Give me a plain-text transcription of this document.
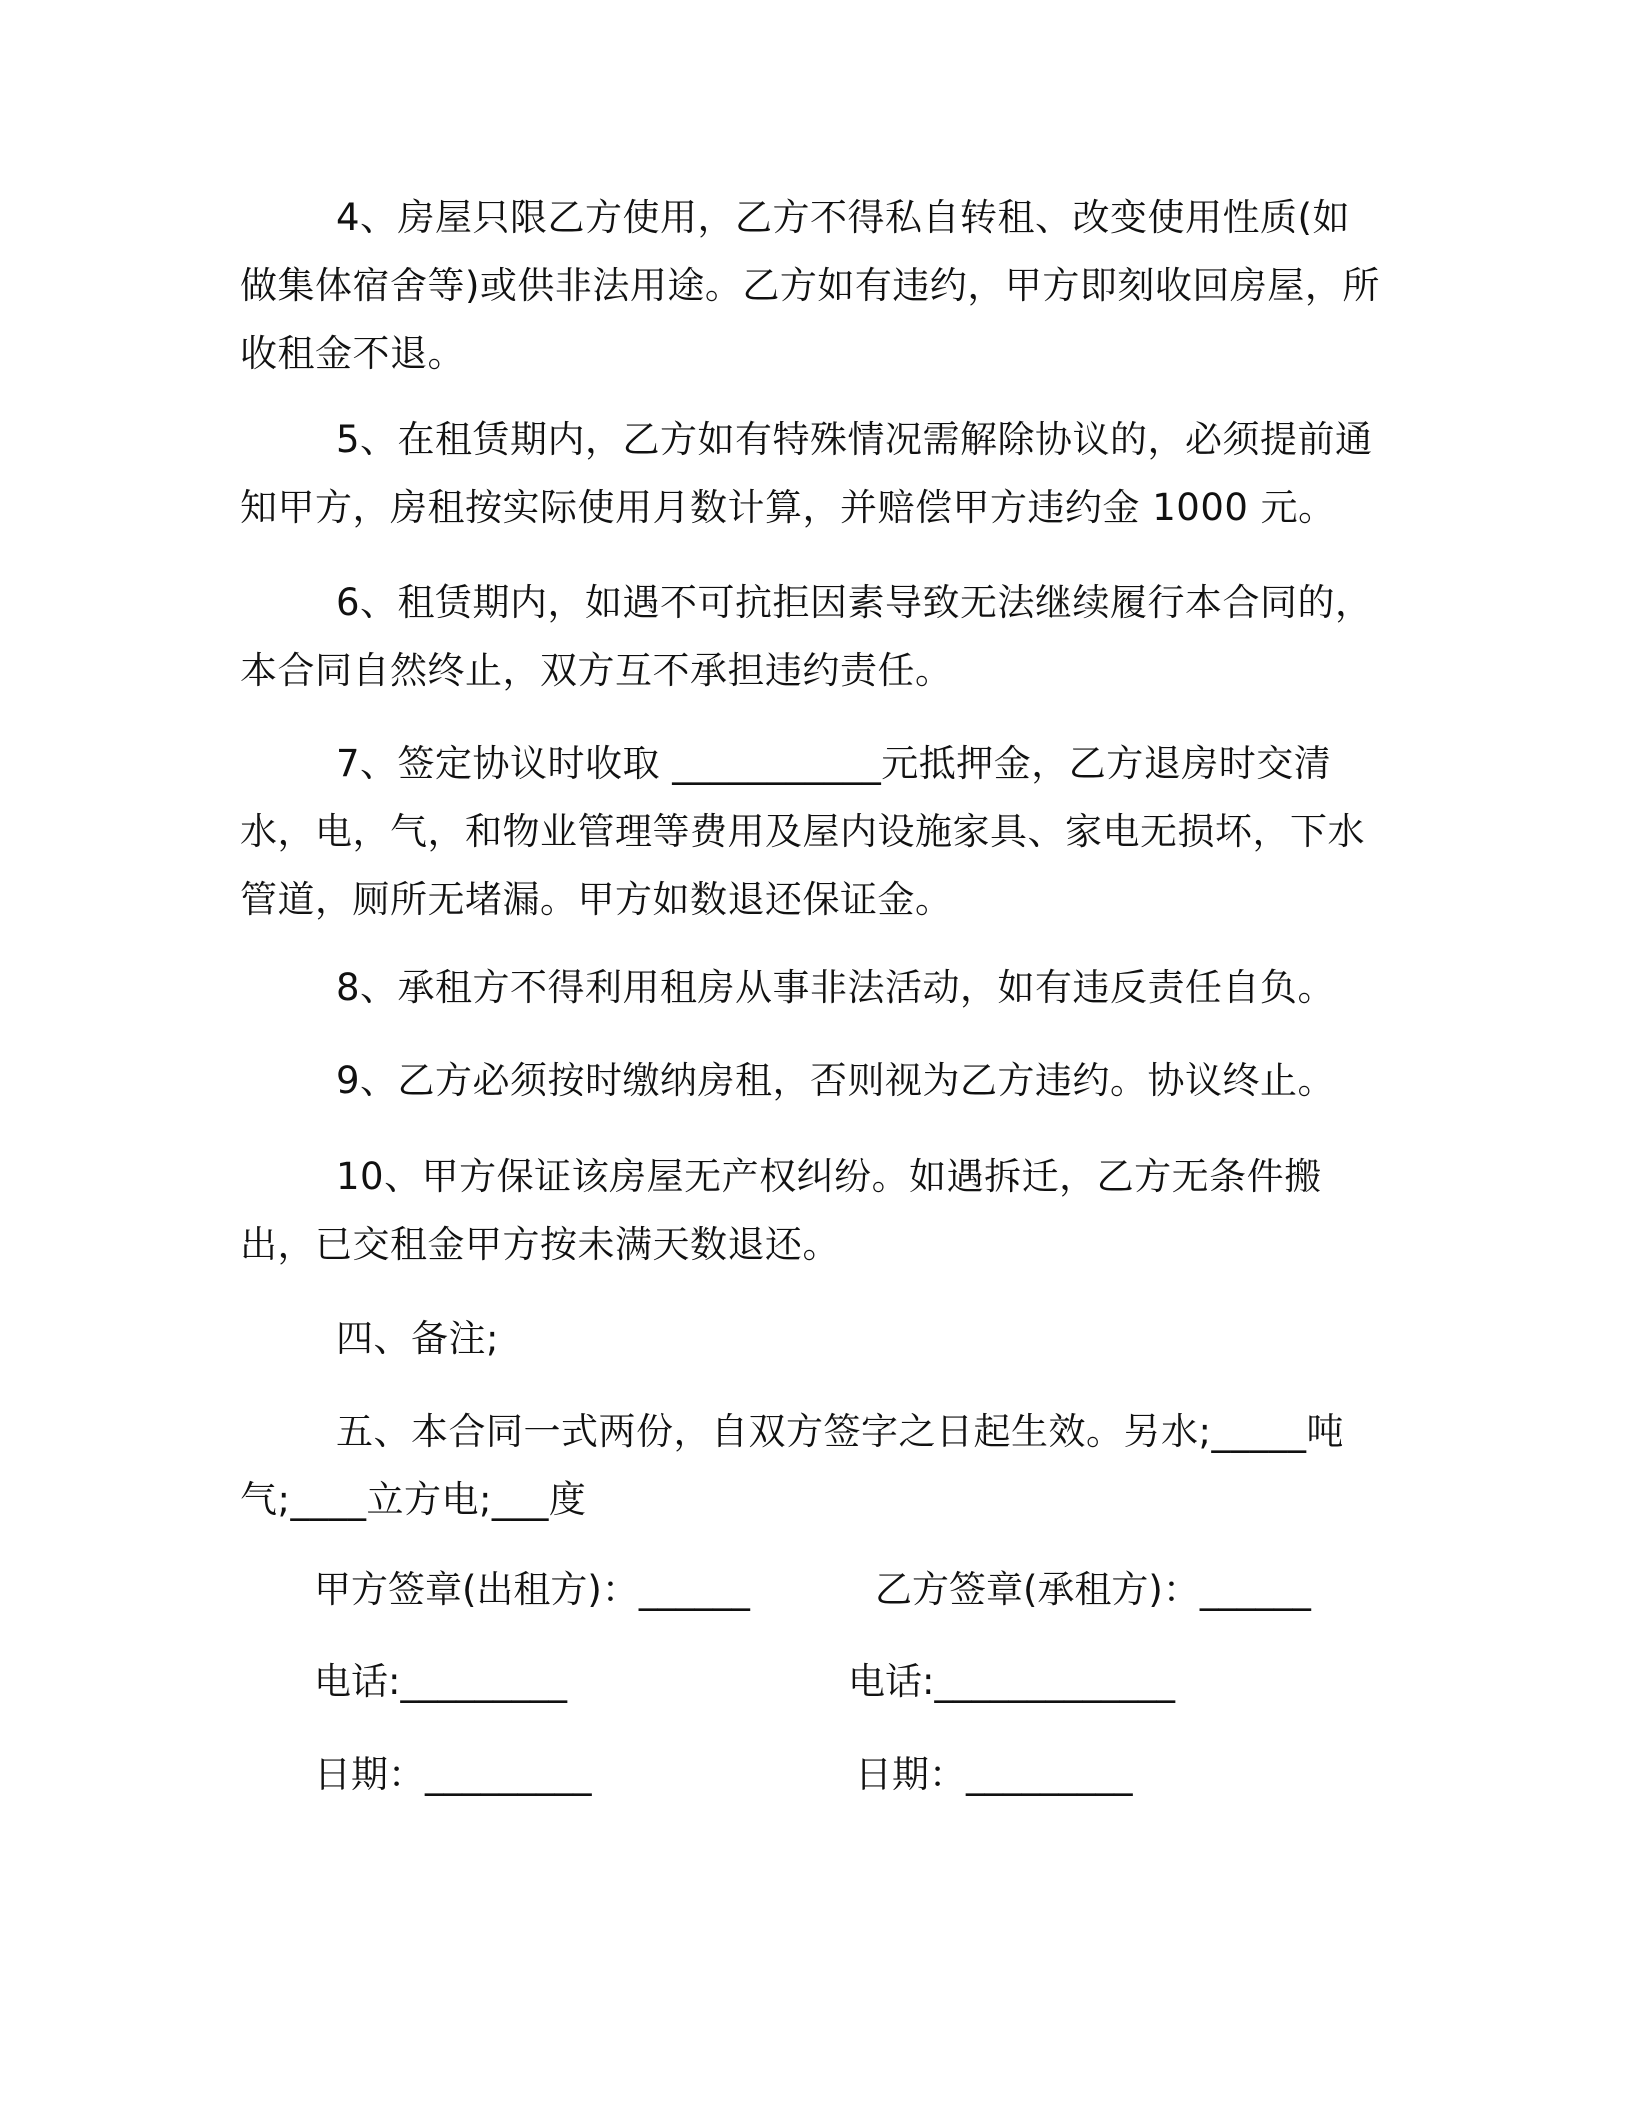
4、房屋只限乙方使用，乙方不得私自转租、改变使用性质(如做集体宿舍等)或供非法用途。乙方如有违约，甲方即刻收回房屋，所收租金不退。

5、在租赁期内，乙方如有特殊情况需解除协议的，必须提前通知甲方，房租按实际使用月数计算，并赔偿甲方违约金 1000 元。

6、租赁期内，如遇不可抗拒因素导致无法继续履行本合同的，本合同自然终止，双方互不承担违约责任。

7、签定协议时收取 ___________元抵押金，乙方退房时交清水，电，气，和物业管理等费用及屋内设施家具、家电无损坏，下水管道，厕所无堵漏。甲方如数退还保证金。

8、承租方不得利用租房从事非法活动，如有违反责任自负。

9、乙方必须按时缴纳房租，否则视为乙方违约。协议终止。

10、甲方保证该房屋无产权纠纷。如遇拆迁，乙方无条件搬出，已交租金甲方按未满天数退还。

四、备注;

五、本合同一式两份，自双方签字之日起生效。另水;_____吨气;____立方电;___度

甲方签章(出租方)：______	乙方签章(承租方)：______
电话:_________	电话:_____________
日期：_________	日期：_________
